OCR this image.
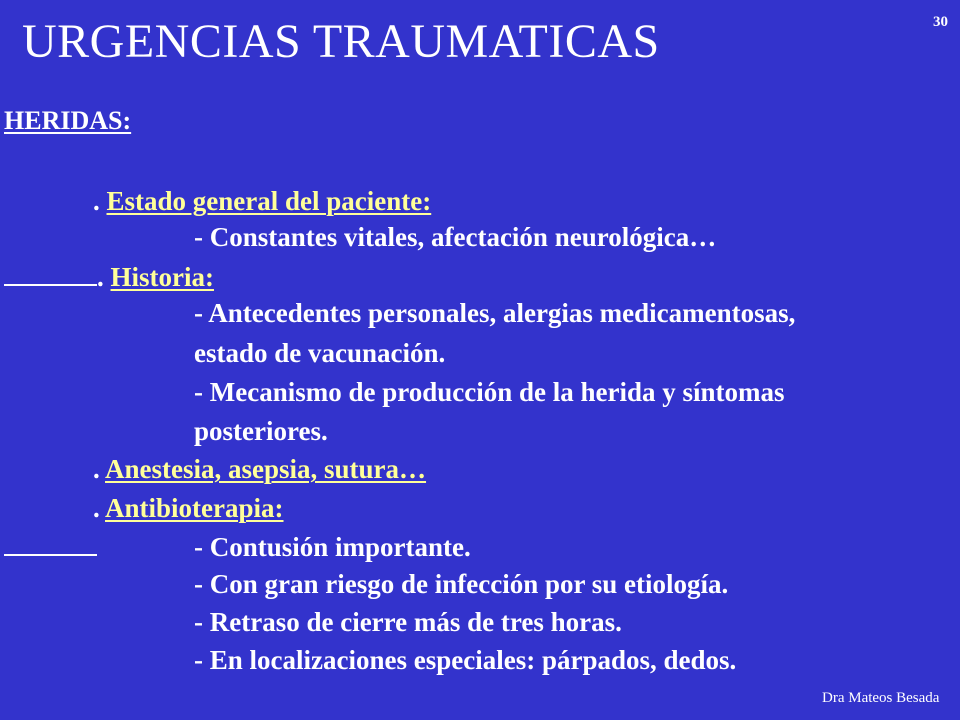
URGENCIAS TRAUMATICAS	30
HERIDAS:
. Estado general del paciente:
- Constantes vitales, afectación neurológica…
. Historia:
- Antecedentes personales, alergias medicamentosas,
estado de vacunación.
- Mecanismo de producción de la herida y síntomas
posteriores.
. Anestesia, asepsia, sutura…
. Antibioterapia:
- Contusión importante.
- Con gran riesgo de infección por su etiología.
- Retraso de cierre más de tres horas.
- En localizaciones especiales: párpados, dedos.
Dra Mateos Besada
